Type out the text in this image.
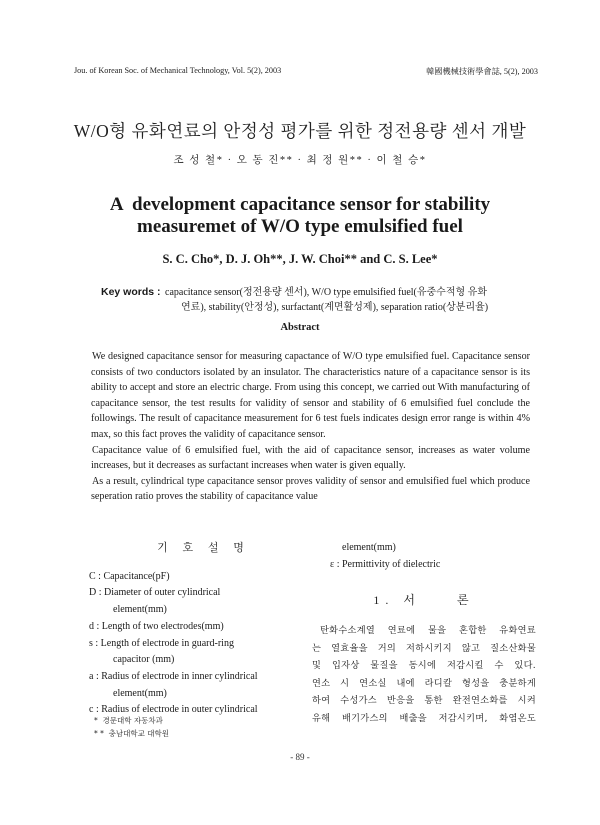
Jou. of Korean Soc. of Mechanical Technology, Vol. 5(2), 2003	韓國機械技術學會誌, 5(2), 2003
W/O형 유화연료의 안정성 평가를 위한 정전용량 센서 개발
조 성 철* · 오 동 진** · 최 정 원** · 이 철 승*
A  development capacitance sensor for stability
measuremet of W/O type emulsified fuel
S. C. Cho*, D. J. Oh**, J. W. Choi** and C. S. Lee*
Key words : capacitance sensor(정전용량 센서), W/O type emulsified fuel(유중수적형 유화
연료), stability(안정성), surfactant(계면활성제), separation ratio(상분리율)
Abstract

We designed capacitance sensor for measuring capactance of W/O type emulsified fuel. Capacitance sensor consists of two conductors isolated by an insulator. The characteristics nature of a capacitance sensor is its ability to accept and store an electric charge. From using this concept, we carried out With manufacturing of capacitance sensor, the test results for validity of sensor and stability of 6 emulsified fuel conclude the followings. The result of capacitance measurement for 6 test fuels indicates design error range is within 4% max, so this fact proves the validity of capacitance sensor.

Capacitance value of 6 emulsified fuel, with the aid of capacitance sensor, increases as water volume increases, but it decreases as surfactant increases when water is given equally.

As a result, cylindrical type capacitance sensor proves validity of sensor and emulsified fuel which produce seperation ratio proves the stability of capacitance value

기 호 설 명
C : Capacitance(pF)
D : Diameter of outer cylindrical
element(mm)
d : Length of two electrodes(mm)
s : Length of electrode in guard-ring
capacitor (mm)
a : Radius of electrode in inner cylindrical
element(mm)
c : Radius of electrode in outer cylindrical
element(mm)
ε : Permittivity of dielectric
1. 서    론
탄화수소계열 연료에 물을 혼합한 유화연료
는 열효율을 거의 저하시키지 않고 질소산화물
및 입자상 물질을 동시에 저감시킬 수 있다.
연소 시 연소실 내에 라디칼 형성을 충분하게
하여 수성가스 반응을 통한 완전연소화를 시켜
유해 배기가스의 배출을 저감시키며, 화염온도
*  경문대학 자동차과
* *  충남대학교 대학원
- 89 -
